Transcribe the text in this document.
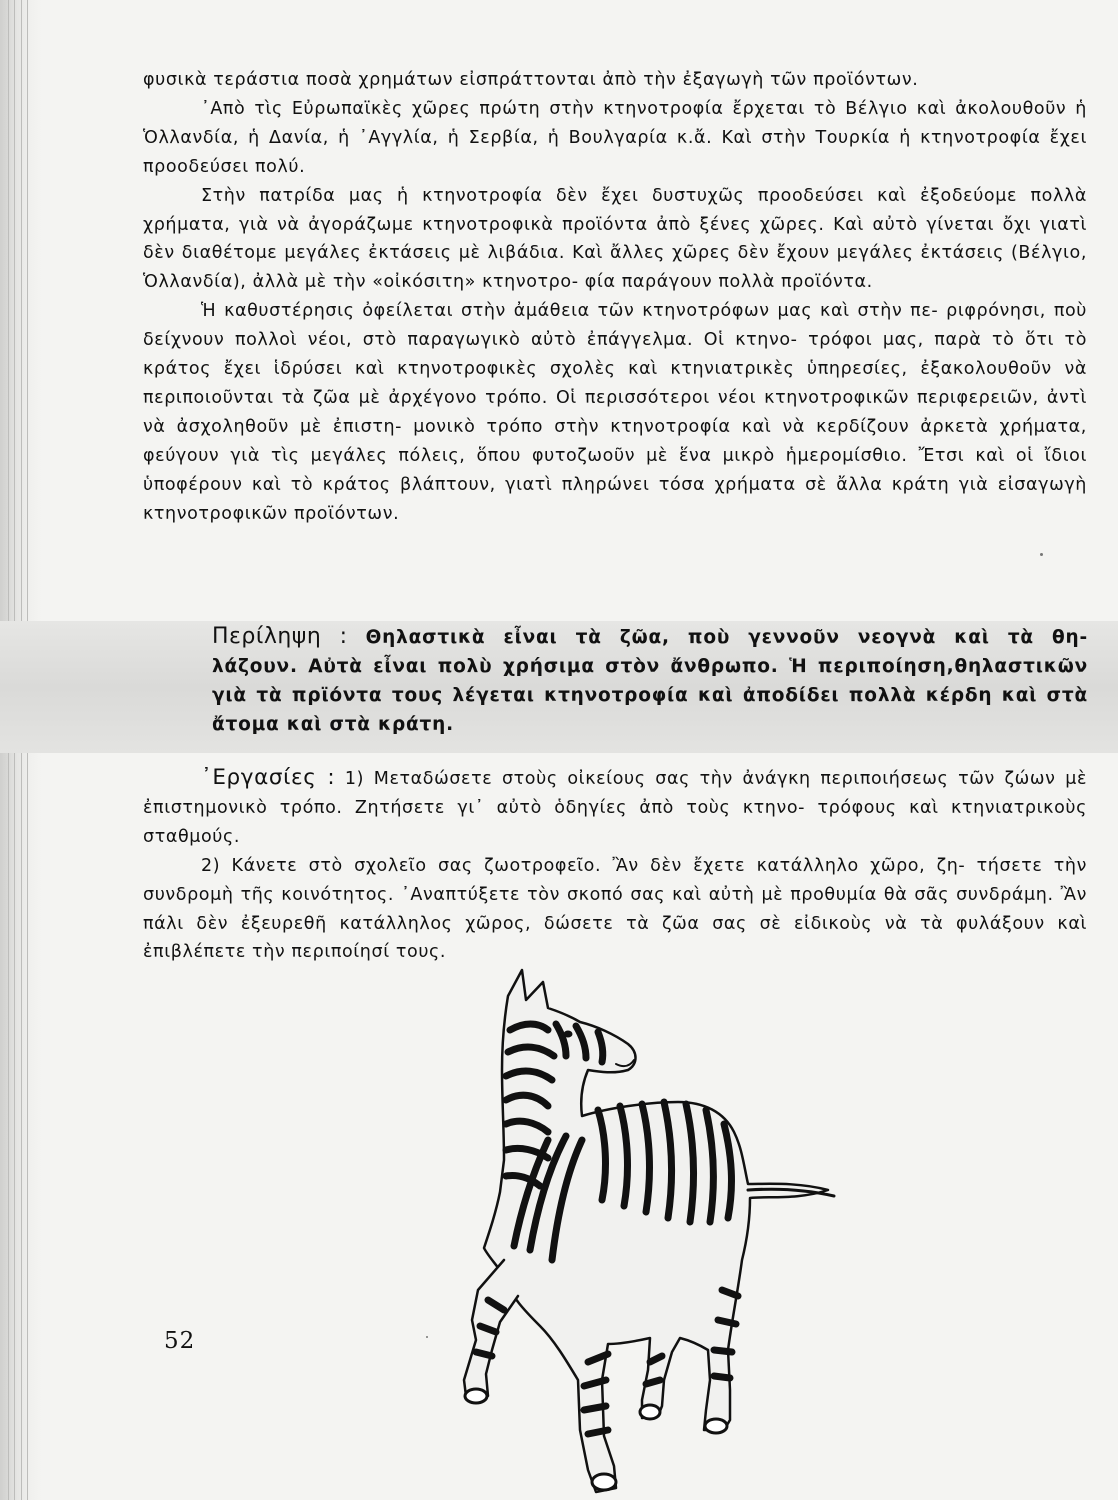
φυσικὰ τεράστια ποσὰ χρημάτων εἰσπράττονται ἀπὸ τὴν ἐξαγωγὴ τῶν προϊόντων.
᾿Απὸ τὶς Εὐρωπαϊκὲς χῶρες πρώτη στὴν κτηνοτροφία ἔρχεται τὸ Βέλγιο καὶ ἀκολουθοῦν ἡ Ὁλλανδία, ἡ Δανία, ἡ ᾿Αγγλία, ἡ Σερβία, ἡ Βουλγαρία κ.ἄ. Καὶ στὴν Τουρκία ἡ κτηνοτροφία ἔχει προοδεύσει πολύ.
Στὴν πατρίδα μας ἡ κτηνοτροφία δὲν ἔχει δυστυχῶς προοδεύσει καὶ ἐξοδεύομε πολλὰ χρήματα, γιὰ νὰ ἀγοράζωμε κτηνοτροφικὰ προϊόντα ἀπὸ ξένες χῶρες. Καὶ αὐτὸ γίνεται ὄχι γιατὶ δὲν διαθέτομε μεγάλες ἐκτάσεις μὲ λιβάδια. Καὶ ἄλλες χῶρες δὲν ἔχουν μεγάλες ἐκτάσεις (Βέλγιο, Ὁλλανδία), ἀλλὰ μὲ τὴν «οἰκόσιτη» κτηνοτρο- φία παράγουν πολλὰ προϊόντα.
Ἡ καθυστέρησις ὀφείλεται στὴν ἀμάθεια τῶν κτηνοτρόφων μας καὶ στὴν πε- ριφρόνησι, ποὺ δείχνουν πολλοὶ νέοι, στὸ παραγωγικὸ αὐτὸ ἐπάγγελμα. Οἱ κτηνο- τρόφοι μας, παρὰ τὸ ὅτι τὸ κράτος ἔχει ἱδρύσει καὶ κτηνοτροφικὲς σχολὲς καὶ κτηνιατρικὲς ὑπηρεσίες, ἐξακολουθοῦν νὰ περιποιοῦνται τὰ ζῶα μὲ ἀρχέγονο τρόπο. Οἱ περισσότεροι νέοι κτηνοτροφικῶν περιφερειῶν, ἀντὶ νὰ ἀσχοληθοῦν μὲ ἐπιστη- μονικὸ τρόπο στὴν κτηνοτροφία καὶ νὰ κερδίζουν ἀρκετὰ χρήματα, φεύγουν γιὰ τὶς μεγάλες πόλεις, ὅπου φυτοζωοῦν μὲ ἕνα μικρὸ ἡμερομίσθιο. Ἔτσι καὶ οἱ ἴδιοι ὑποφέρουν καὶ τὸ κράτος βλάπτουν, γιατὶ πληρώνει τόσα χρήματα σὲ ἄλλα κράτη γιὰ εἰσαγωγὴ κτηνοτροφικῶν προϊόντων.
Περίληψη : Θηλαστικὰ εἶναι τὰ ζῶα, ποὺ γεννοῦν νεογνὰ καὶ τὰ θη-
λάζουν. Αὐτὰ εἶναι πολὺ χρήσιμα στὸν ἄνθρωπο. Ἡ περιποίηση,θηλαστικῶν
γιὰ τὰ πρϊόντα τους λέγεται κτηνοτροφία καὶ ἀποδίδει πολλὰ κέρδη καὶ στὰ
ἄτομα καὶ στὰ κράτη.
᾿Εργασίες : 1) Μεταδώσετε στοὺς οἰκείους σας τὴν ἀνάγκη περιποιήσεως τῶν ζώων μὲ ἐπιστημονικὸ τρόπο. Ζητήσετε γι᾿ αὐτὸ ὁδηγίες ἀπὸ τοὺς κτηνο- τρόφους καὶ κτηνιατρικοὺς σταθμούς.
2) Κάνετε στὸ σχολεῖο σας ζωοτροφεῖο. Ἂν δὲν ἔχετε κατάλληλο χῶρο, ζη- τήσετε τὴν συνδρομὴ τῆς κοινότητος. ᾿Αναπτύξετε τὸν σκοπό σας καὶ αὐτὴ μὲ προθυμία θὰ σᾶς συνδράμη. Ἂν πάλι δὲν ἐξευρεθῆ κατάλληλος χῶρος, δώσετε τὰ ζῶα σας σὲ εἰδικοὺς νὰ τὰ φυλάξουν καὶ ἐπιβλέπετε τὴν περιποίησί τους.
52
